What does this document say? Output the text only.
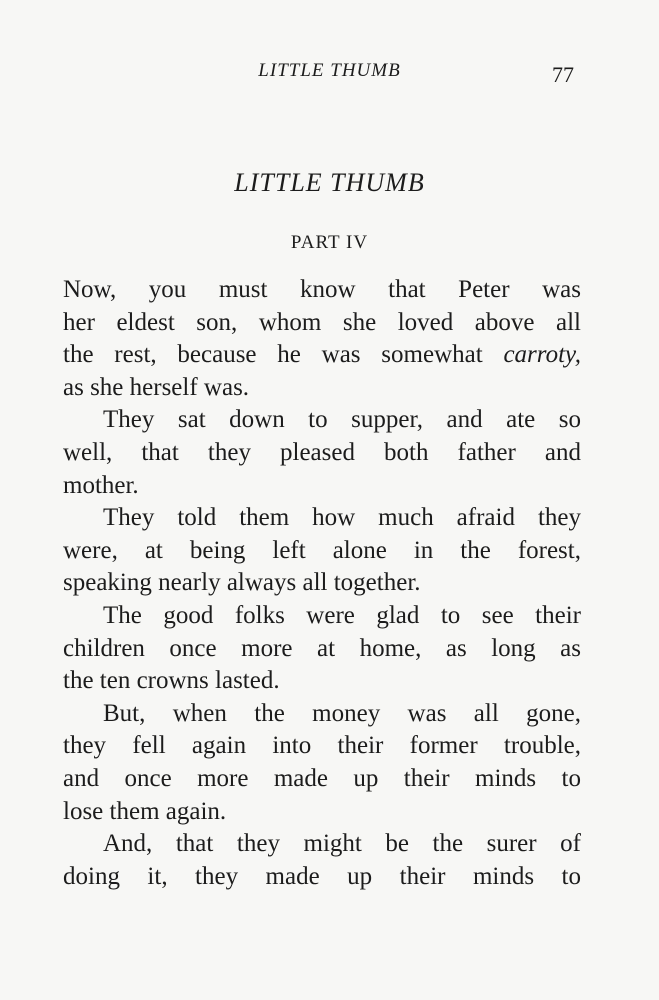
LITTLE THUMB	77
LITTLE THUMB
PART IV
Now, you must know that Peter was
her eldest son, whom she loved above all
the rest, because he was somewhat carroty,
as she herself was.
They sat down to supper, and ate so
well, that they pleased both father and
mother.
They told them how much afraid they
were, at being left alone in the forest,
speaking nearly always all together.
The good folks were glad to see their
children once more at home, as long as
the ten crowns lasted.
But, when the money was all gone,
they fell again into their former trouble,
and once more made up their minds to
lose them again.
And, that they might be the surer of
doing it, they made up their minds to
